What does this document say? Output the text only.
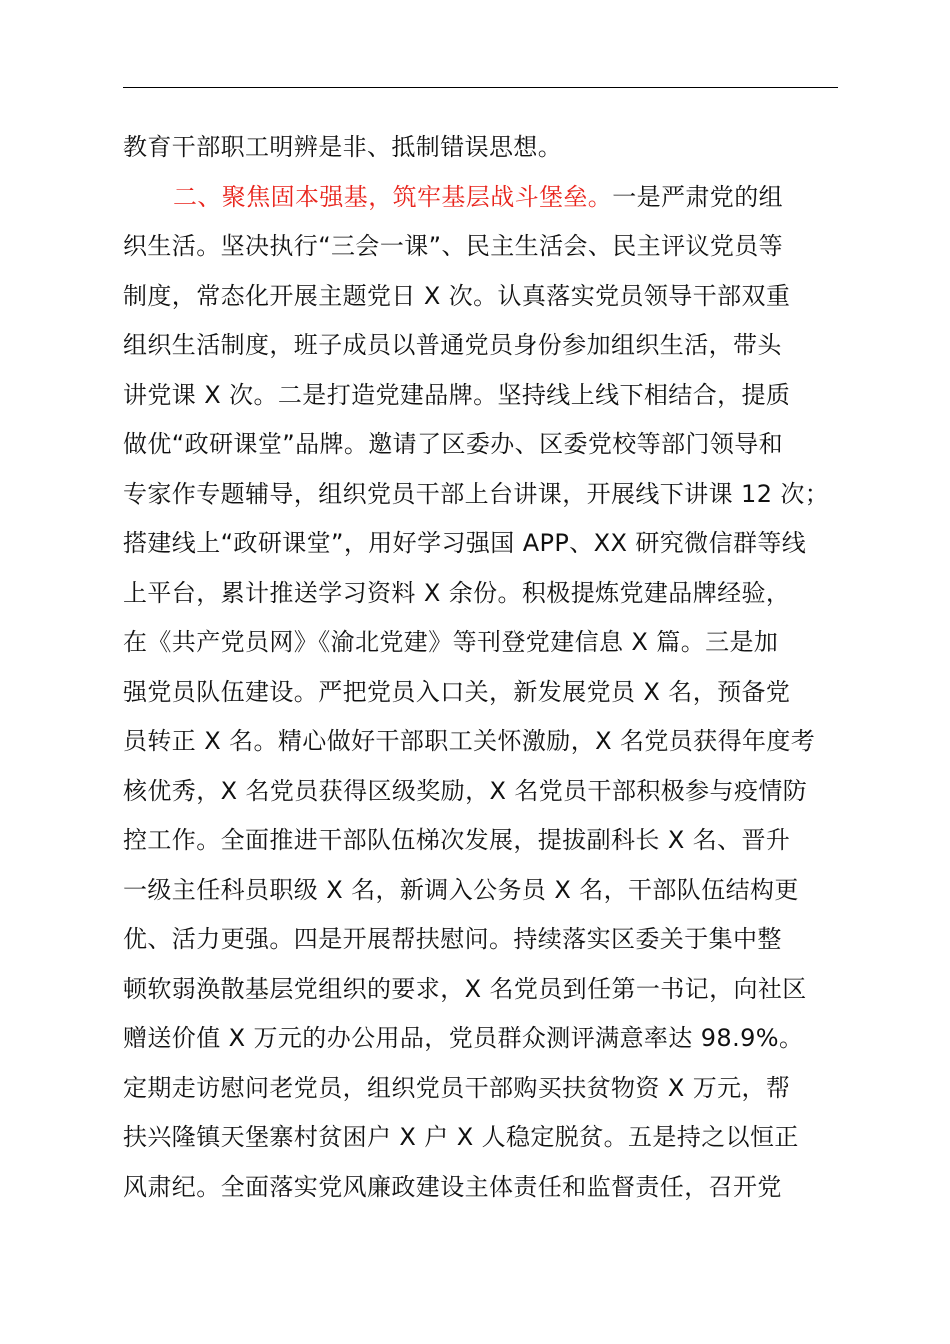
教育干部职工明辨是非、抵制错误思想。
二、聚焦固本强基，筑牢基层战斗堡垒。一是严肃党的组
织生活。坚决执行“三会一课”、民主生活会、民主评议党员等
制度，常态化开展主题党日 X 次。认真落实党员领导干部双重
组织生活制度，班子成员以普通党员身份参加组织生活，带头
讲党课 X 次。二是打造党建品牌。坚持线上线下相结合，提质
做优“政研课堂”品牌。邀请了区委办、区委党校等部门领导和
专家作专题辅导，组织党员干部上台讲课，开展线下讲课 12 次；
搭建线上“政研课堂”，用好学习强国 APP、XX 研究微信群等线
上平台，累计推送学习资料 X 余份。积极提炼党建品牌经验，
在《共产党员网》《渝北党建》等刊登党建信息 X 篇。三是加
强党员队伍建设。严把党员入口关，新发展党员 X 名，预备党
员转正 X 名。精心做好干部职工关怀激励，X 名党员获得年度考
核优秀，X 名党员获得区级奖励，X 名党员干部积极参与疫情防
控工作。全面推进干部队伍梯次发展，提拔副科长 X 名、晋升
一级主任科员职级 X 名，新调入公务员 X 名，干部队伍结构更
优、活力更强。四是开展帮扶慰问。持续落实区委关于集中整
顿软弱涣散基层党组织的要求，X 名党员到任第一书记，向社区
赠送价值 X 万元的办公用品，党员群众测评满意率达 98.9%。
定期走访慰问老党员，组织党员干部购买扶贫物资 X 万元，帮
扶兴隆镇天堡寨村贫困户 X 户 X 人稳定脱贫。五是持之以恒正
风肃纪。全面落实党风廉政建设主体责任和监督责任，召开党
